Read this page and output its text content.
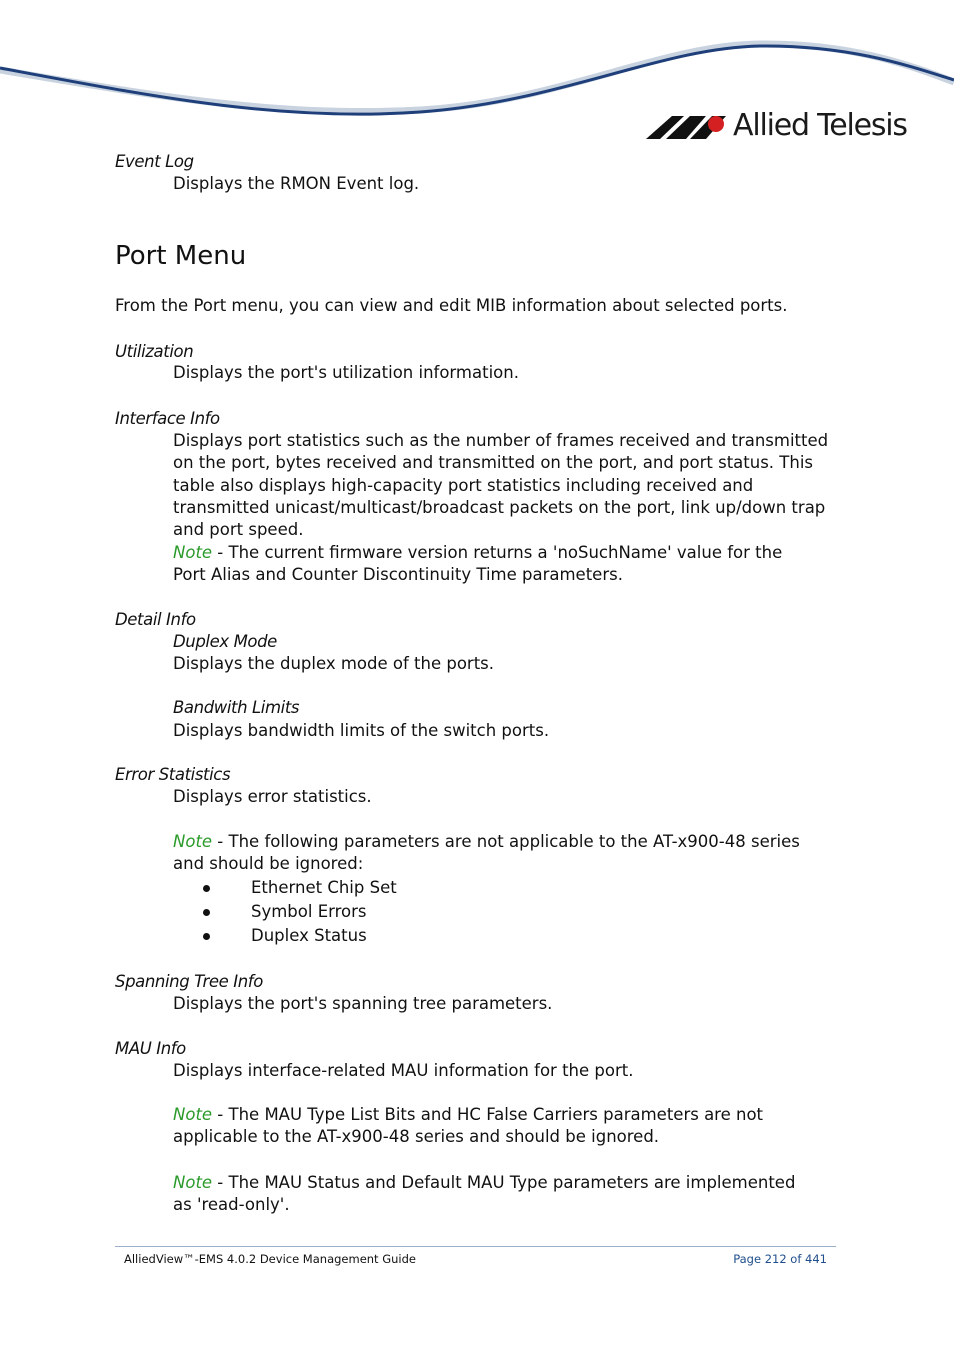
Allied Telesis
Event Log

Displays the RMON Event log.

Port Menu
From the Port menu, you can view and edit MIB information about selected ports.
Utilization

Displays the port's utilization information.

Interface Info

Displays port statistics such as the number of frames received and transmitted on the port, bytes received and transmitted on the port, and port status. This table also displays high-capacity port statistics including received and transmitted unicast/multicast/broadcast packets on the port, link up/down trap and port speed.

Note - The current firmware version returns a 'noSuchName' value for the Port Alias and Counter Discontinuity Time parameters.

Detail Info
Duplex Mode

Displays the duplex mode of the ports.

Bandwith Limits

Displays bandwidth limits of the switch ports.

Error Statistics

Displays error statistics.

Note - The following parameters are not applicable to the AT-x900-48 series and should be ignored:

Ethernet Chip Set
Symbol Errors
Duplex Status
Spanning Tree Info

Displays the port's spanning tree parameters.

MAU Info

Displays interface-related MAU information for the port.

Note - The MAU Type List Bits and HC False Carriers parameters are not applicable to the AT-x900-48 series and should be ignored.

Note - The MAU Status and Default MAU Type parameters are implemented as 'read-only'.

AlliedView™-EMS 4.0.2 Device Management Guide	Page 212 of 441
